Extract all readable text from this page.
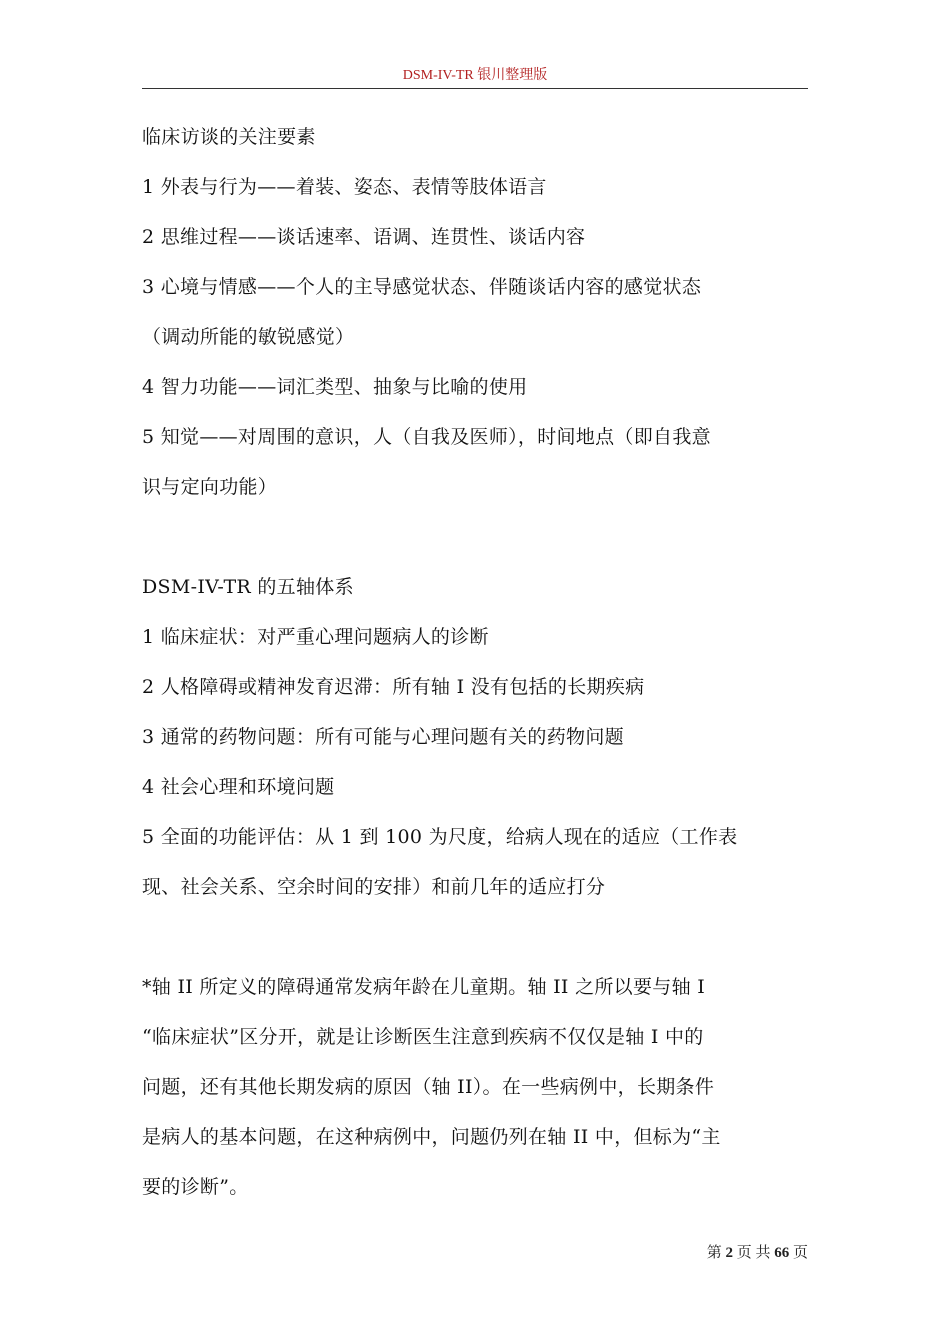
DSM-IV-TR 银川整理版
临床访谈的关注要素
1 外表与行为——着装、姿态、表情等肢体语言
2 思维过程——谈话速率、语调、连贯性、谈话内容
3 心境与情感——个人的主导感觉状态、伴随谈话内容的感觉状态
（调动所能的敏锐感觉）
4 智力功能——词汇类型、抽象与比喻的使用
5 知觉——对周围的意识，人（自我及医师），时间地点（即自我意
识与定向功能）
DSM-IV-TR 的五轴体系
1 临床症状：对严重心理问题病人的诊断
2 人格障碍或精神发育迟滞：所有轴 I 没有包括的长期疾病
3 通常的药物问题：所有可能与心理问题有关的药物问题
4 社会心理和环境问题
5 全面的功能评估：从 1 到 100 为尺度，给病人现在的适应（工作表
现、社会关系、空余时间的安排）和前几年的适应打分
*轴 II 所定义的障碍通常发病年龄在儿童期。轴 II 之所以要与轴 I
“临床症状”区分开，就是让诊断医生注意到疾病不仅仅是轴 I 中的
问题，还有其他长期发病的原因（轴 II）。在一些病例中，长期条件
是病人的基本问题，在这种病例中，问题仍列在轴 II 中，但标为“主
要的诊断”。
第 2 页 共 66 页
